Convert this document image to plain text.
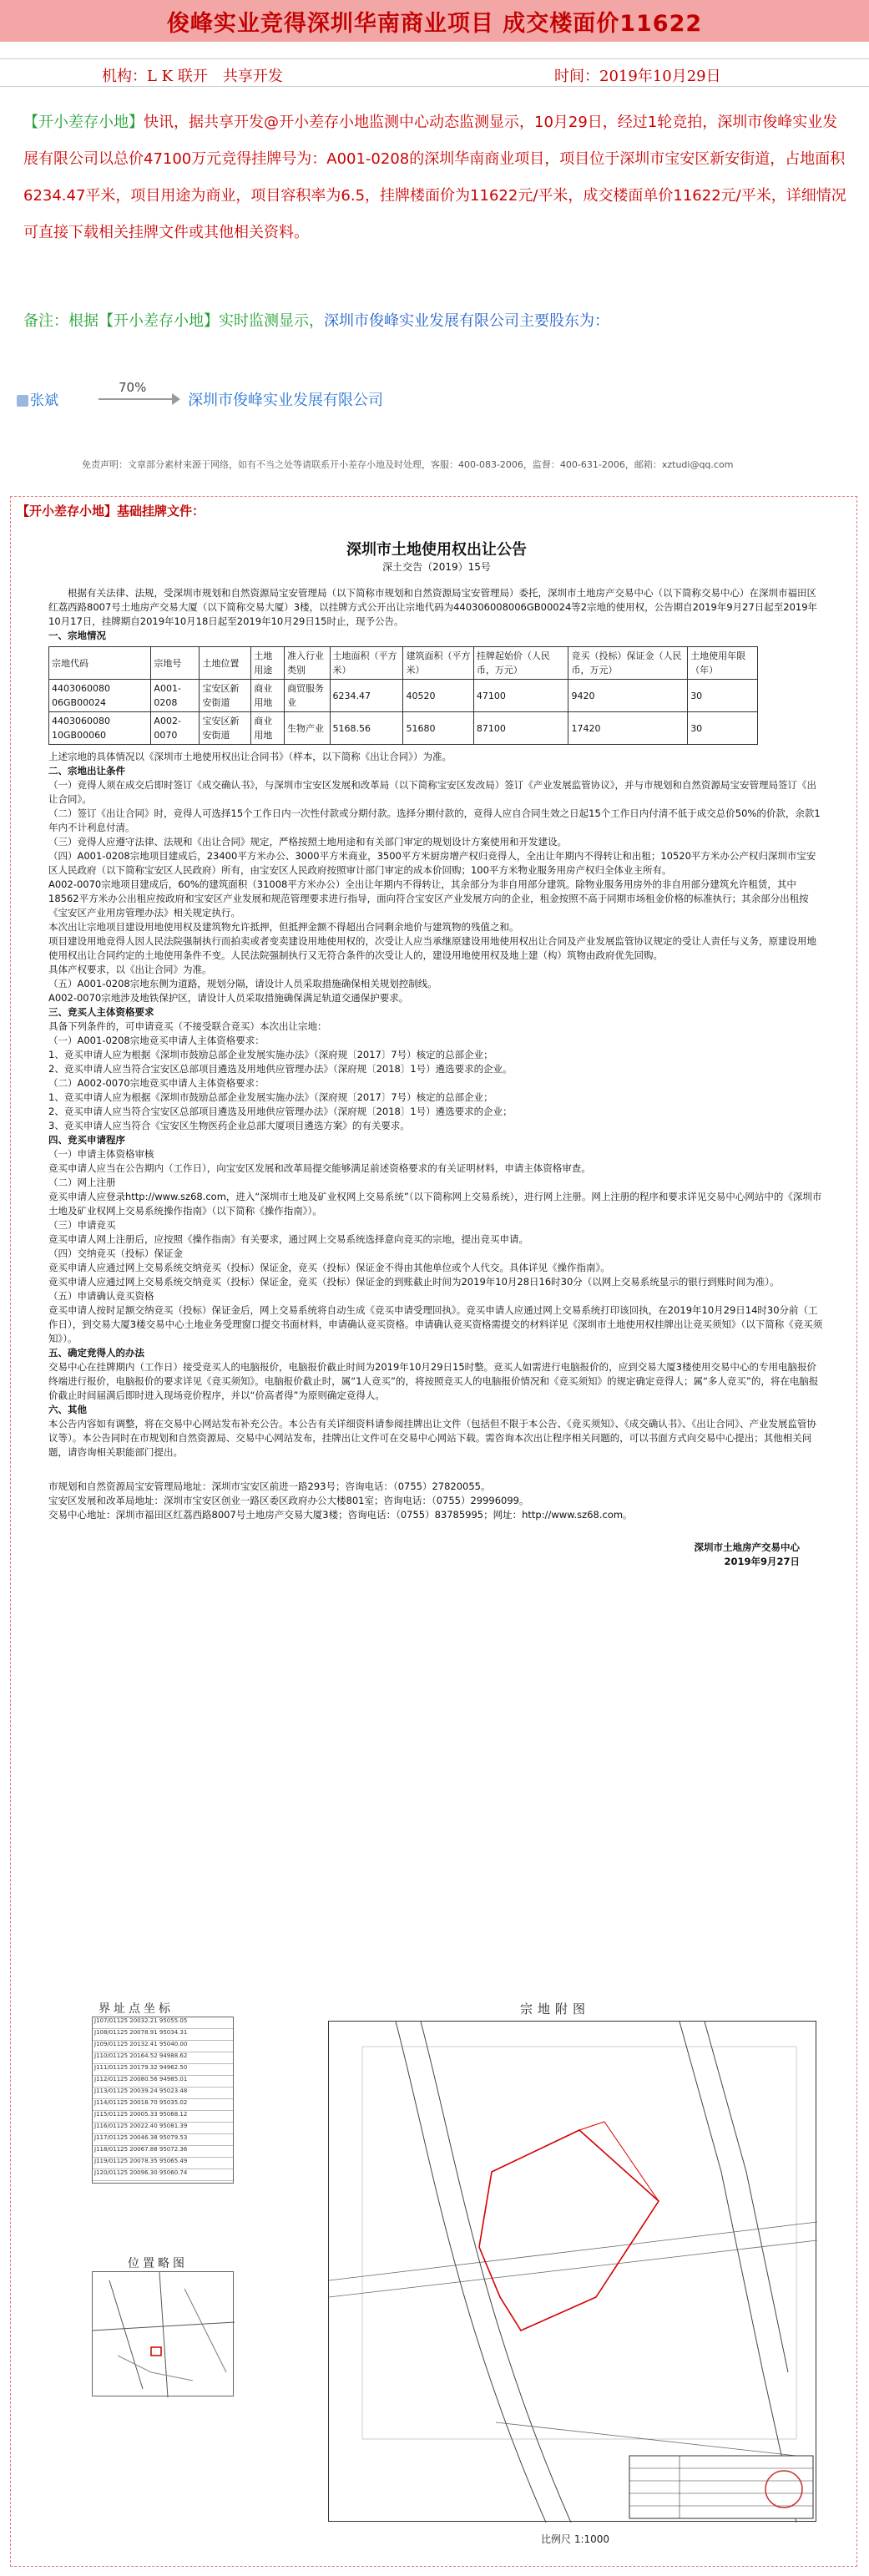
俊峰实业竞得深圳华南商业项目 成交楼面价11622
机构：L K 联开　共享开发	时间：2019年10月29日
【开小差存小地】快讯，据共享开发@开小差存小地监测中心动态监测显示，10月29日，经过1轮竞拍，深圳市俊峰实业发展有限公司以总价47100万元竞得挂牌号为：A001-0208的深圳华南商业项目，项目位于深圳市宝安区新安街道，占地面积6234.47平米，项目用途为商业，项目容积率为6.5，挂牌楼面价为11622元/平米，成交楼面单价11622元/平米，详细情况可直接下载相关挂牌文件或其他相关资料。
备注：根据【开小差存小地】实时监测显示，深圳市俊峰实业发展有限公司主要股东为：
张斌
70%
深圳市俊峰实业发展有限公司
免责声明：文章部分素材来源于网络，如有不当之处等请联系开小差存小地及时处理，客服：400-083-2006，监督：400-631-2006，邮箱：xztudi@qq.com
【开小差存小地】基础挂牌文件：
深圳市土地使用权出让公告
深土交告（2019）15号

根据有关法律、法规，受深圳市规划和自然资源局宝安管理局（以下简称市规划和自然资源局宝安管理局）委托，深圳市土地房产交易中心（以下简称交易中心）在深圳市福田区红荔西路8007号土地房产交易大厦（以下简称交易大厦）3楼，以挂牌方式公开出让宗地代码为440306008006GB00024等2宗地的使用权，公告期自2019年9月27日起至2019年10月17日，挂牌期自2019年10月18日起至2019年10月29日15时止，现予公告。

一、宗地情况

宗地代码	宗地号	土地位置	土地用途	准入行业类别	土地面积（平方米）	建筑面积（平方米）	挂牌起始价（人民币，万元）	竞买（投标）保证金（人民币，万元）	土地使用年限（年）
4403060080 06GB00024	A001-0208	宝安区新安街道	商业用地	商贸服务业	6234.47	40520	47100	9420	30
4403060080 10GB00060	A002-0070	宝安区新安街道	商业用地	生物产业	5168.56	51680	87100	17420	30

上述宗地的具体情况以《深圳市土地使用权出让合同书》（样本，以下简称《出让合同》）为准。

二、宗地出让条件

（一）竞得人须在成交后即时签订《成交确认书》，与深圳市宝安区发展和改革局（以下简称宝安区发改局）签订《产业发展监管协议》，并与市规划和自然资源局宝安管理局签订《出让合同》。

（二）签订《出让合同》时，竞得人可选择15个工作日内一次性付款或分期付款。选择分期付款的，竞得人应自合同生效之日起15个工作日内付清不低于成交总价50%的价款，余款1年内不计利息付清。

（三）竞得人应遵守法律、法规和《出让合同》规定，严格按照土地用途和有关部门审定的规划设计方案使用和开发建设。

（四）A001-0208宗地项目建成后，23400平方米办公、3000平方米商业，3500平方米厨房增产权归竞得人，全出让年期内不得转让和出租；10520平方米办公产权归深圳市宝安区人民政府（以下简称宝安区人民政府）所有，由宝安区人民政府按照审计部门审定的成本价回购；100平方米物业服务用房产权归全体业主所有。

A002-0070宗地项目建成后，60%的建筑面积（31008平方米办公）全出让年期内不得转让，其余部分为非自用部分建筑。除物业服务用房外的非自用部分建筑允许租赁，其中18562平方米办公出租应按政府和宝安区产业发展和规范管理要求进行指导，面向符合宝安区产业发展方向的企业，租金按照不高于同期市场租金价格的标准执行；其余部分出租按《宝安区产业用房管理办法》相关规定执行。

本次出让宗地项目建设用地使用权及建筑物允许抵押，但抵押金额不得超出合同剩余地价与建筑物的残值之和。

项目建设用地竞得人因人民法院强制执行而拍卖或者变卖建设用地使用权的，次受让人应当承继原建设用地使用权出让合同及产业发展监管协议规定的受让人责任与义务，原建设用地使用权出让合同约定的土地使用条件不变。人民法院强制执行又无符合条件的次受让人的，建设用地使用权及地上建（构）筑物由政府优先回购。

具体产权要求，以《出让合同》为准。

（五）A001-0208宗地东侧为道路，规划分隔，请设计人员采取措施确保相关规划控制线。

A002-0070宗地涉及地铁保护区，请设计人员采取措施确保满足轨道交通保护要求。

三、竞买人主体资格要求

具备下列条件的，可申请竞买（不接受联合竞买）本次出让宗地：

（一）A001-0208宗地竞买申请人主体资格要求：

1、竞买申请人应为根据《深圳市鼓励总部企业发展实施办法》（深府规〔2017〕7号）核定的总部企业；

2、竞买申请人应当符合宝安区总部项目遴选及用地供应管理办法》（深府规〔2018〕1号）遴选要求的企业。

（二）A002-0070宗地竞买申请人主体资格要求：

1、竞买申请人应为根据《深圳市鼓励总部企业发展实施办法》（深府规〔2017〕7号）核定的总部企业；

2、竞买申请人应当符合宝安区总部项目遴选及用地供应管理办法》（深府规〔2018〕1号）遴选要求的企业；

3、竞买申请人应当符合《宝安区生物医药企业总部大厦项目遴选方案》的有关要求。

四、竞买申请程序

（一）申请主体资格审核

竞买申请人应当在公告期内（工作日），向宝安区发展和改革局提交能够满足前述资格要求的有关证明材料，申请主体资格审查。

（二）网上注册

竞买申请人应登录http://www.sz68.com，进入“深圳市土地及矿业权网上交易系统”（以下简称网上交易系统），进行网上注册。网上注册的程序和要求详见交易中心网站中的《深圳市土地及矿业权网上交易系统操作指南》（以下简称《操作指南》）。

（三）申请竞买

竞买申请人网上注册后，应按照《操作指南》有关要求，通过网上交易系统选择意向竞买的宗地，提出竞买申请。

（四）交纳竞买（投标）保证金

竞买申请人应通过网上交易系统交纳竞买（投标）保证金，竞买（投标）保证金不得由其他单位或个人代交。具体详见《操作指南》。

竞买申请人应通过网上交易系统交纳竞买（投标）保证金，竞买（投标）保证金的到账截止时间为2019年10月28日16时30分（以网上交易系统显示的银行到账时间为准）。

（五）申请确认竞买资格

竞买申请人按时足额交纳竞买（投标）保证金后，网上交易系统将自动生成《竞买申请受理回执》。竞买申请人应通过网上交易系统打印该回执，在2019年10月29日14时30分前（工作日），到交易大厦3楼交易中心土地业务受理窗口提交书面材料，申请确认竞买资格。申请确认竞买资格需提交的材料详见《深圳市土地使用权挂牌出让竞买须知》（以下简称《竞买须知》）。

五、确定竞得人的办法

交易中心在挂牌期内（工作日）接受竞买人的电脑报价，电脑报价截止时间为2019年10月29日15时整。竞买人如需进行电脑报价的，应到交易大厦3楼使用交易中心的专用电脑报价终端进行报价，电脑报价的要求详见《竞买须知》。电脑报价截止时，属“1人竞买”的，将按照竞买人的电脑报价情况和《竞买须知》的规定确定竞得人；属“多人竞买”的，将在电脑报价截止时间届满后即时进入现场竞价程序，并以“价高者得”为原则确定竞得人。

六、其他

本公告内容如有调整，将在交易中心网站发布补充公告。本公告有关详细资料请参阅挂牌出让文件（包括但不限于本公告、《竞买须知》、《成交确认书》、《出让合同》、产业发展监管协议等）。本公告同时在市规划和自然资源局、交易中心网站发布，挂牌出让文件可在交易中心网站下载。需咨询本次出让程序相关问题的，可以书面方式向交易中心提出；其他相关问题，请咨询相关职能部门提出。

市规划和自然资源局宝安管理局地址：深圳市宝安区前进一路293号；咨询电话：（0755）27820055。

宝安区发展和改革局地址：深圳市宝安区创业一路区委区政府办公大楼801室；咨询电话：（0755）29996099。

交易中心地址：深圳市福田区红荔西路8007号土地房产交易大厦3楼；咨询电话：（0755）83785995；网址：http://www.sz68.com。

深圳市土地房产交易中心
2019年9月27日
界址点坐标
J107/01125 20032.21 95055.05
J108/01125 20078.91 95034.31
J109/01125 20132.41 95040.00
J110/01125 20164.52 94988.62
J111/01125 20179.32 94962.50
J112/01125 20080.56 94985.01
J113/01125 20039.24 95023.48
J114/01125 20018.70 95035.02
J115/01125 20005.33 95068.12
J116/01125 20022.40 95081.39
J117/01125 20046.38 95079.53
J118/01125 20067.88 95072.36
J119/01125 20078.35 95065.49
J120/01125 20096.30 95060.74
位置略图
宗地附图
比例尺 1:1000
